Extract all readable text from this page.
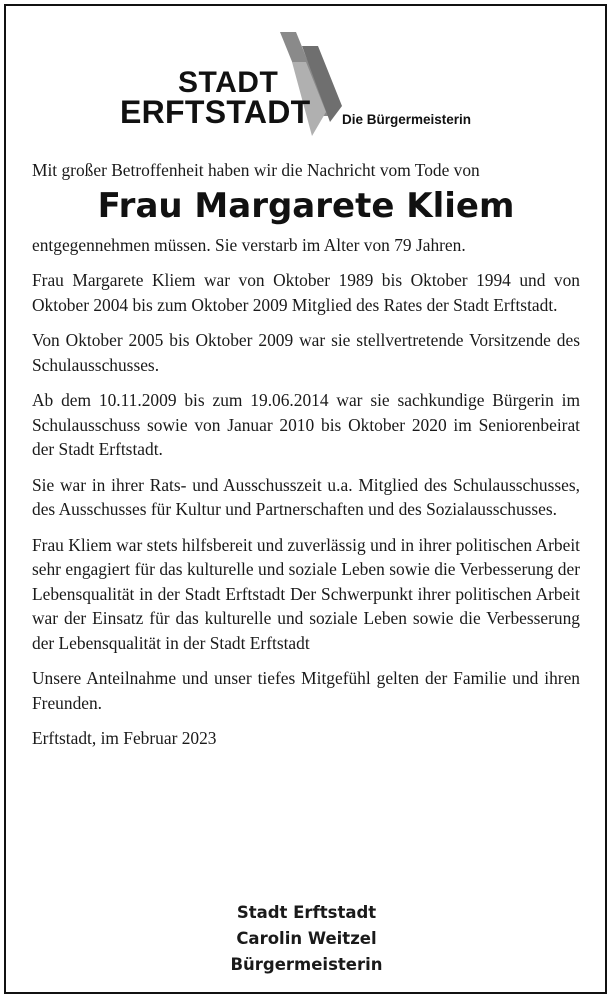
STADT
ERFTSTADT Die Bürgermeisterin

Mit großer Betroffenheit haben wir die Nachricht vom Tode von

Frau Margarete Kliem

entgegennehmen müssen. Sie verstarb im Alter von 79 Jahren.

Frau Margarete Kliem war von Oktober 1989 bis Oktober 1994 und von Oktober 2004 bis zum Oktober 2009 Mitglied des Rates der Stadt Erftstadt.

Von Oktober 2005 bis Oktober 2009 war sie stellvertretende Vorsitzende des Schulausschusses.

Ab dem 10.11.2009 bis zum 19.06.2014 war sie sachkundige Bürgerin im Schulausschuss sowie von Januar 2010 bis Oktober 2020 im Seniorenbeirat der Stadt Erftstadt.

Sie war in ihrer Rats- und Ausschusszeit u.a. Mitglied des Schulausschusses, des Ausschusses für Kultur und Partnerschaften und des Sozialausschusses.

Frau Kliem war stets hilfsbereit und zuverlässig und in ihrer politischen Arbeit sehr engagiert für das kulturelle und soziale Leben sowie die Verbesserung der Lebensqualität in der Stadt Erftstadt Der Schwerpunkt ihrer politischen Arbeit war der Einsatz für das kulturelle und soziale Leben sowie die Verbesserung der Lebensqualität in der Stadt Erftstadt

Unsere Anteilnahme und unser tiefes Mitgefühl gelten der Familie und ihren Freunden.

Erftstadt, im Februar 2023

Stadt Erftstadt
Carolin Weitzel
Bürgermeisterin
